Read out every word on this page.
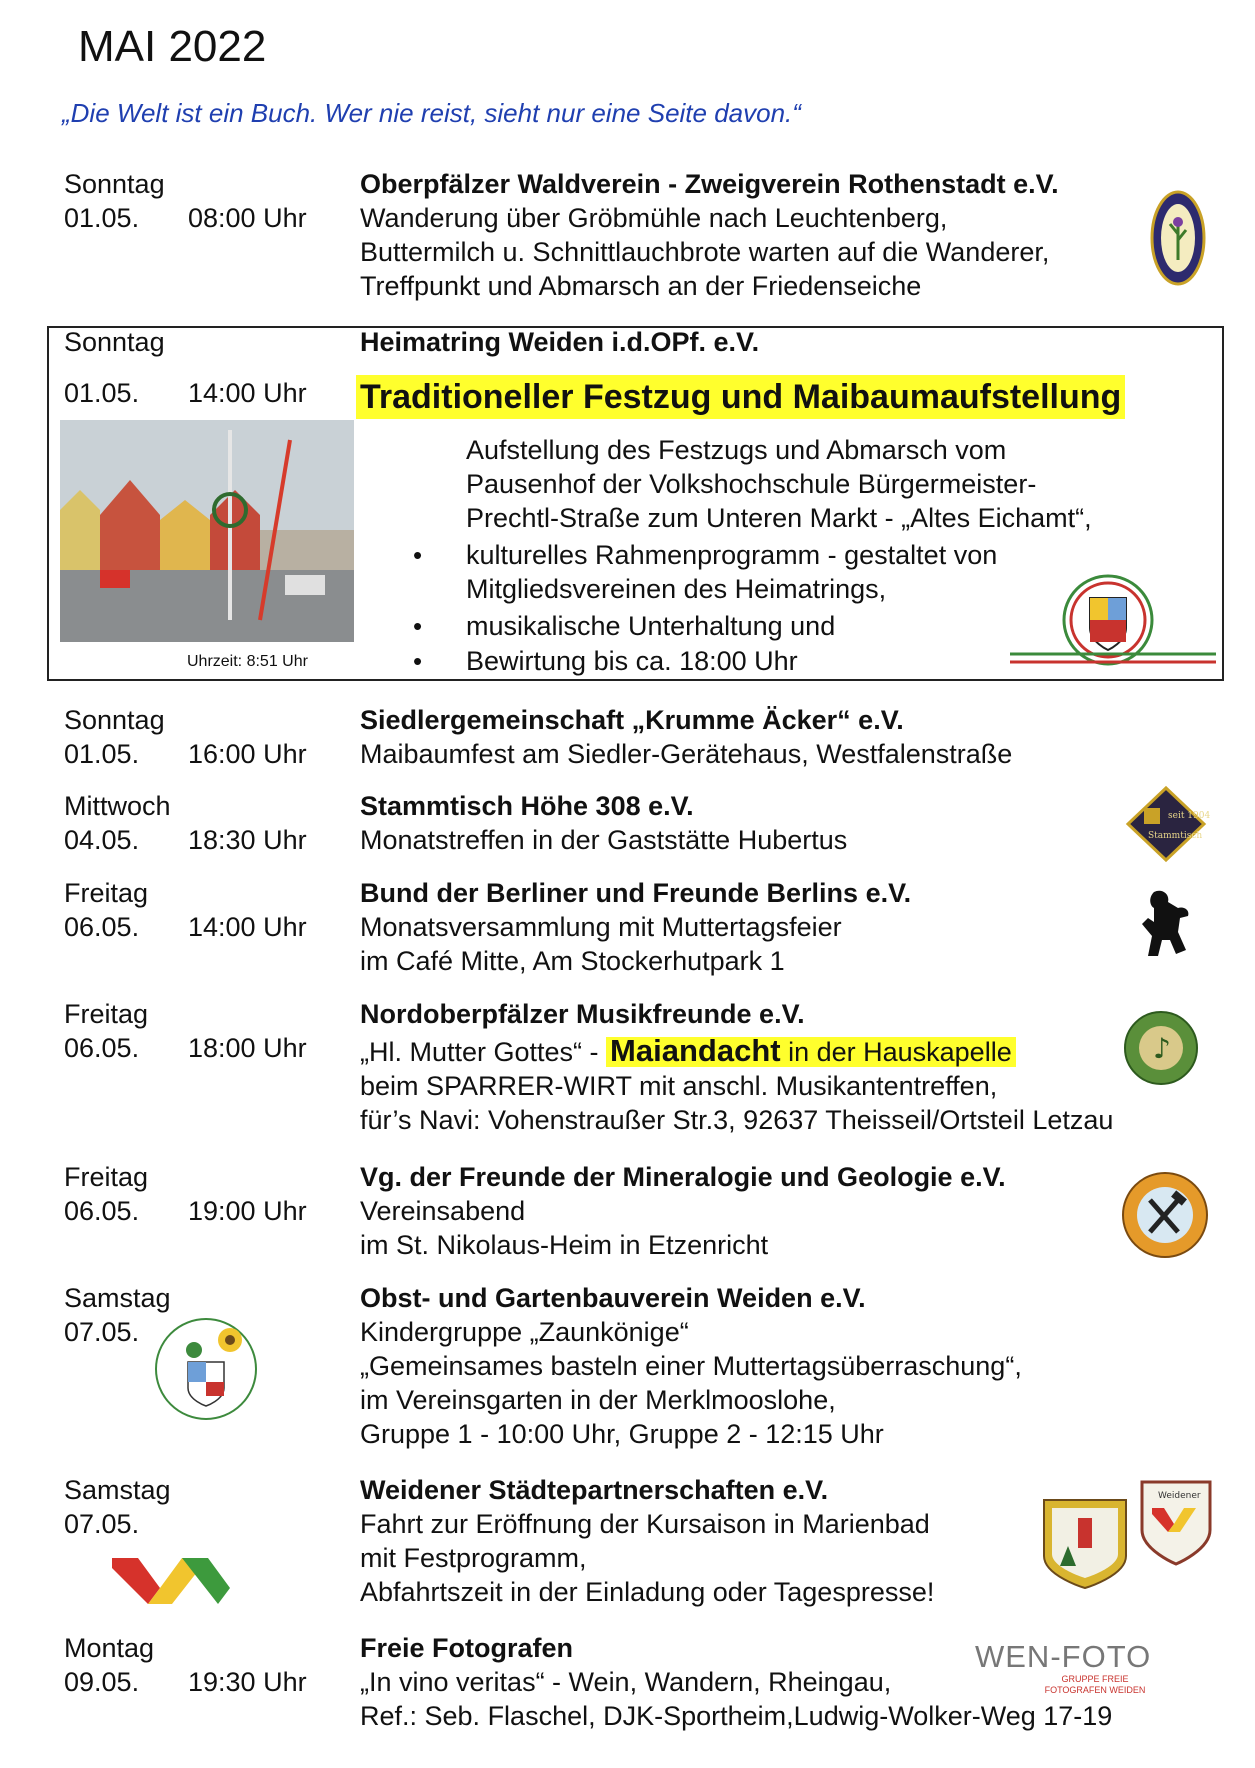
MAI 2022
„Die Welt ist ein Buch. Wer nie reist, sieht nur eine Seite davon.“
Sonntag
01.05. 08:00 Uhr
Oberpfälzer Waldverein - Zweigverein Rothenstadt e.V.
Wanderung über Gröbmühle nach Leuchtenberg,
Buttermilch u. Schnittlauchbrote warten auf die Wanderer,
Treffpunkt und Abmarsch an der Friedenseiche
Sonntag
01.05. 14:00 Uhr
Heimatring Weiden i.d.OPf. e.V.
Traditioneller Festzug und Maibaumaufstellung
Uhrzeit: 8:51 Uhr
Aufstellung des Festzugs und Abmarsch vom
Pausenhof der Volkshochschule Bürgermeister-
Prechtl-Straße zum Unteren Markt - „Altes Eichamt“,
• kulturelles Rahmenprogramm - gestaltet von
Mitgliedsvereinen des Heimatrings,
• musikalische Unterhaltung und
• Bewirtung bis ca. 18:00 Uhr
Sonntag
01.05. 16:00 Uhr
Siedlergemeinschaft „Krumme Äcker“ e.V.
Maibaumfest am Siedler-Gerätehaus, Westfalenstraße
Mittwoch
04.05. 18:30 Uhr
Stammtisch Höhe 308 e.V.
Monatstreffen in der Gaststätte Hubertus
seit 1904
Stammtisch
Freitag
06.05. 14:00 Uhr
Bund der Berliner und Freunde Berlins e.V.
Monatsversammlung mit Muttertagsfeier
im Café Mitte, Am Stockerhutpark 1
Freitag
06.05. 18:00 Uhr
Nordoberpfälzer Musikfreunde e.V.
„Hl. Mutter Gottes“ - Maiandacht in der Hauskapelle
beim SPARRER-WIRT mit anschl. Musikantentreffen,
für’s Navi: Vohenstraußer Str.3, 92637 Theisseil/Ortsteil Letzau
♪
Freitag
06.05. 19:00 Uhr
Vg. der Freunde der Mineralogie und Geologie e.V.
Vereinsabend
im St. Nikolaus-Heim in Etzenricht
Samstag
07.05.
Obst- und Gartenbauverein Weiden e.V.
Kindergruppe „Zaunkönige“
„Gemeinsames basteln einer Muttertagsüberraschung“,
im Vereinsgarten in der Merklmooslohe,
Gruppe 1 - 10:00 Uhr, Gruppe 2 - 12:15 Uhr
Samstag
07.05.
Weidener Städtepartnerschaften e.V.
Fahrt zur Eröffnung der Kursaison in Marienbad
mit Festprogramm,
Abfahrtszeit in der Einladung oder Tagespresse!
Weidener
Montag
09.05. 19:30 Uhr
Freie Fotografen
„In vino veritas“ - Wein, Wandern, Rheingau,
Ref.: Seb. Flaschel, DJK-Sportheim,Ludwig-Wolker-Weg 17-19
WEN-FOTO
GRUPPE FREIE FOTOGRAFEN WEIDEN
